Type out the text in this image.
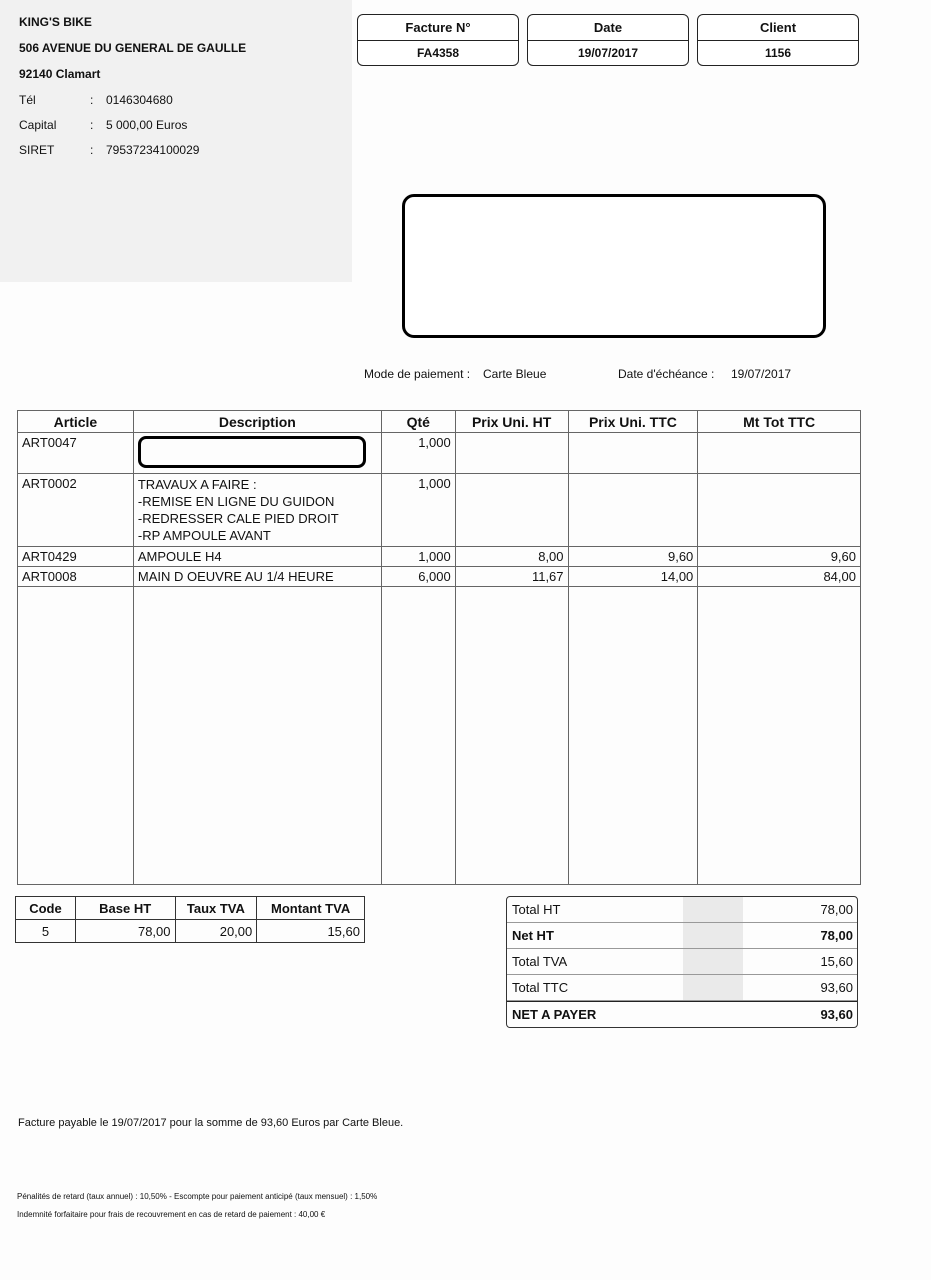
KING'S BIKE
506 AVENUE DU GENERAL DE GAULLE
92140 Clamart
Tél	: 0146304680
Capital	: 5 000,00 Euros
SIRET	: 79537234100029
Facture N°
FA4358
Date
19/07/2017
Client
1156
Mode de paiement : Carte Bleue	Date d'échéance : 19/07/2017
Article	Description	Qté	Prix Uni. HT	Prix Uni. TTC	Mt Tot TTC
ART0047		1,000			
ART0002	TRAVAUX A FAIRE :
-REMISE EN LIGNE DU GUIDON
-REDRESSER CALE PIED DROIT
-RP AMPOULE AVANT	1,000			
ART0429	AMPOULE H4	1,000	8,00	9,60	9,60
ART0008	MAIN D OEUVRE AU 1/4 HEURE	6,000	11,67	14,00	84,00

Code	Base HT	Taux TVA	Montant TVA
5	78,00	20,00	15,60
Total HT	78,00
Net HT	78,00
Total TVA	15,60
Total TTC	93,60
NET A PAYER	93,60
Facture payable le 19/07/2017 pour la somme de 93,60 Euros par Carte Bleue.
Pénalités de retard (taux annuel) : 10,50% - Escompte pour paiement anticipé (taux mensuel) : 1,50%
Indemnité forfaitaire pour frais de recouvrement en cas de retard de paiement : 40,00 €
